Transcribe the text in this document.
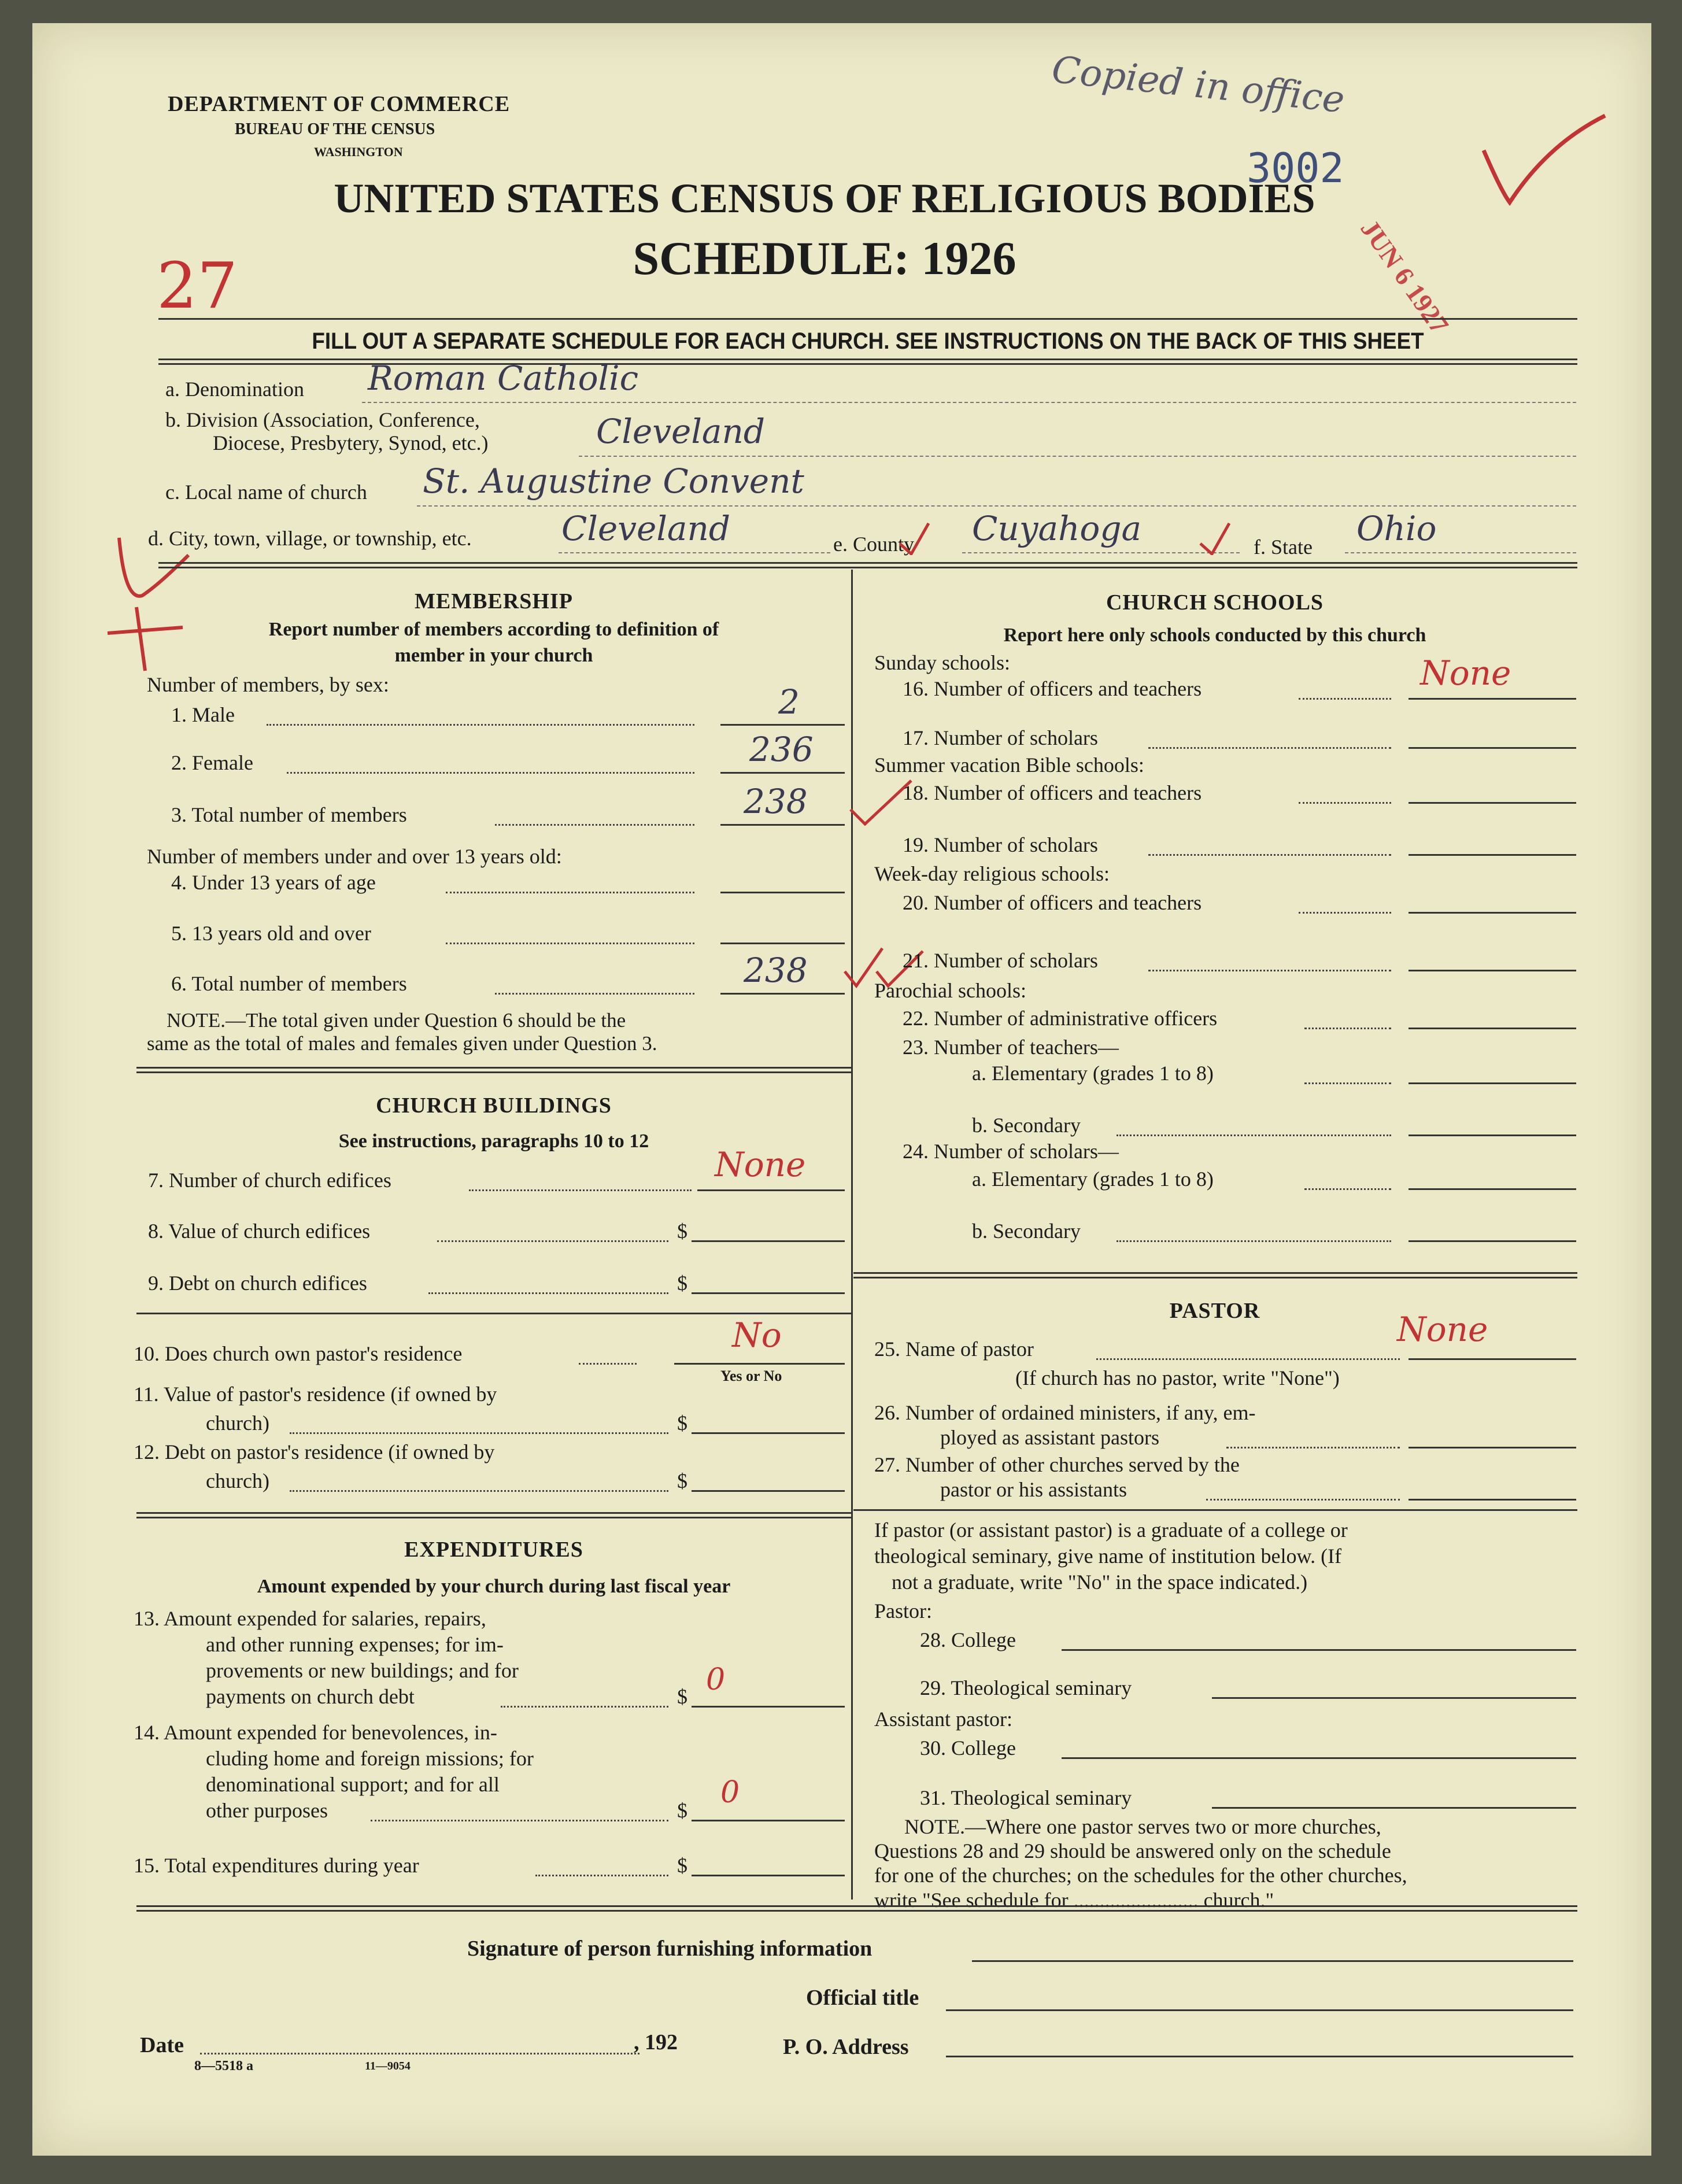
DEPARTMENT OF COMMERCE
BUREAU OF THE CENSUS
WASHINGTON
UNITED STATES CENSUS OF RELIGIOUS BODIES
SCHEDULE: 1926
Copied in office
3002
JUN 6 1927
27
FILL OUT A SEPARATE SCHEDULE FOR EACH CHURCH. SEE INSTRUCTIONS ON THE BACK OF THIS SHEET
a. Denomination Roman Catholic
b. Division (Association, Conference,
Diocese, Presbytery, Synod, etc.)	Cleveland
c. Local name of church St. Augustine Convent
d. City, town, village, or township, etc.	Cleveland	e. County Cuyahoga	f. State Ohio
MEMBERSHIP
Report number of members according to definition of
member in your church
Number of members, by sex:
1. Male	2
2. Female	236
3. Total number of members	238
Number of members under and over 13 years old:
4. Under 13 years of age
5. 13 years old and over
6. Total number of members	238
NOTE.—The total given under Question 6 should be the
same as the total of males and females given under Question 3.
CHURCH BUILDINGS
See instructions, paragraphs 10 to 12
7. Number of church edifices	None
8. Value of church edifices	$
9. Debt on church edifices	$
10. Does church own pastor's residence	No
Yes or No
11. Value of pastor's residence (if owned by
church)	$
12. Debt on pastor's residence (if owned by
church)	$
EXPENDITURES
Amount expended by your church during last fiscal year
13. Amount expended for salaries, repairs,
and other running expenses; for im-
provements or new buildings; and for
payments on church debt	$ 0
14. Amount expended for benevolences, in-
cluding home and foreign missions; for
denominational support; and for all
other purposes	$
0
15. Total expenditures during year	$
CHURCH SCHOOLS
Report here only schools conducted by this church
Sunday schools:
16. Number of officers and teachers	None
17. Number of scholars
Summer vacation Bible schools:
18. Number of officers and teachers
19. Number of scholars
Week-day religious schools:
20. Number of officers and teachers
21. Number of scholars
Parochial schools:
22. Number of administrative officers
23. Number of teachers—
a. Elementary (grades 1 to 8)
b. Secondary
24. Number of scholars—
a. Elementary (grades 1 to 8)
b. Secondary
PASTOR
25. Name of pastor	None
(If church has no pastor, write "None")
26. Number of ordained ministers, if any, em-
ployed as assistant pastors
27. Number of other churches served by the
pastor or his assistants
If pastor (or assistant pastor) is a graduate of a college or
theological seminary, give name of institution below. (If
not a graduate, write "No" in the space indicated.)
Pastor:
28. College
29. Theological seminary
Assistant pastor:
30. College
31. Theological seminary
NOTE.—Where one pastor serves two or more churches,
Questions 28 and 29 should be answered only on the schedule
for one of the churches; on the schedules for the other churches,
write "See schedule for ........................ church."
Signature of person furnishing information
Official title
Date	, 192	P. O. Address
8—5518 a	11—9054
